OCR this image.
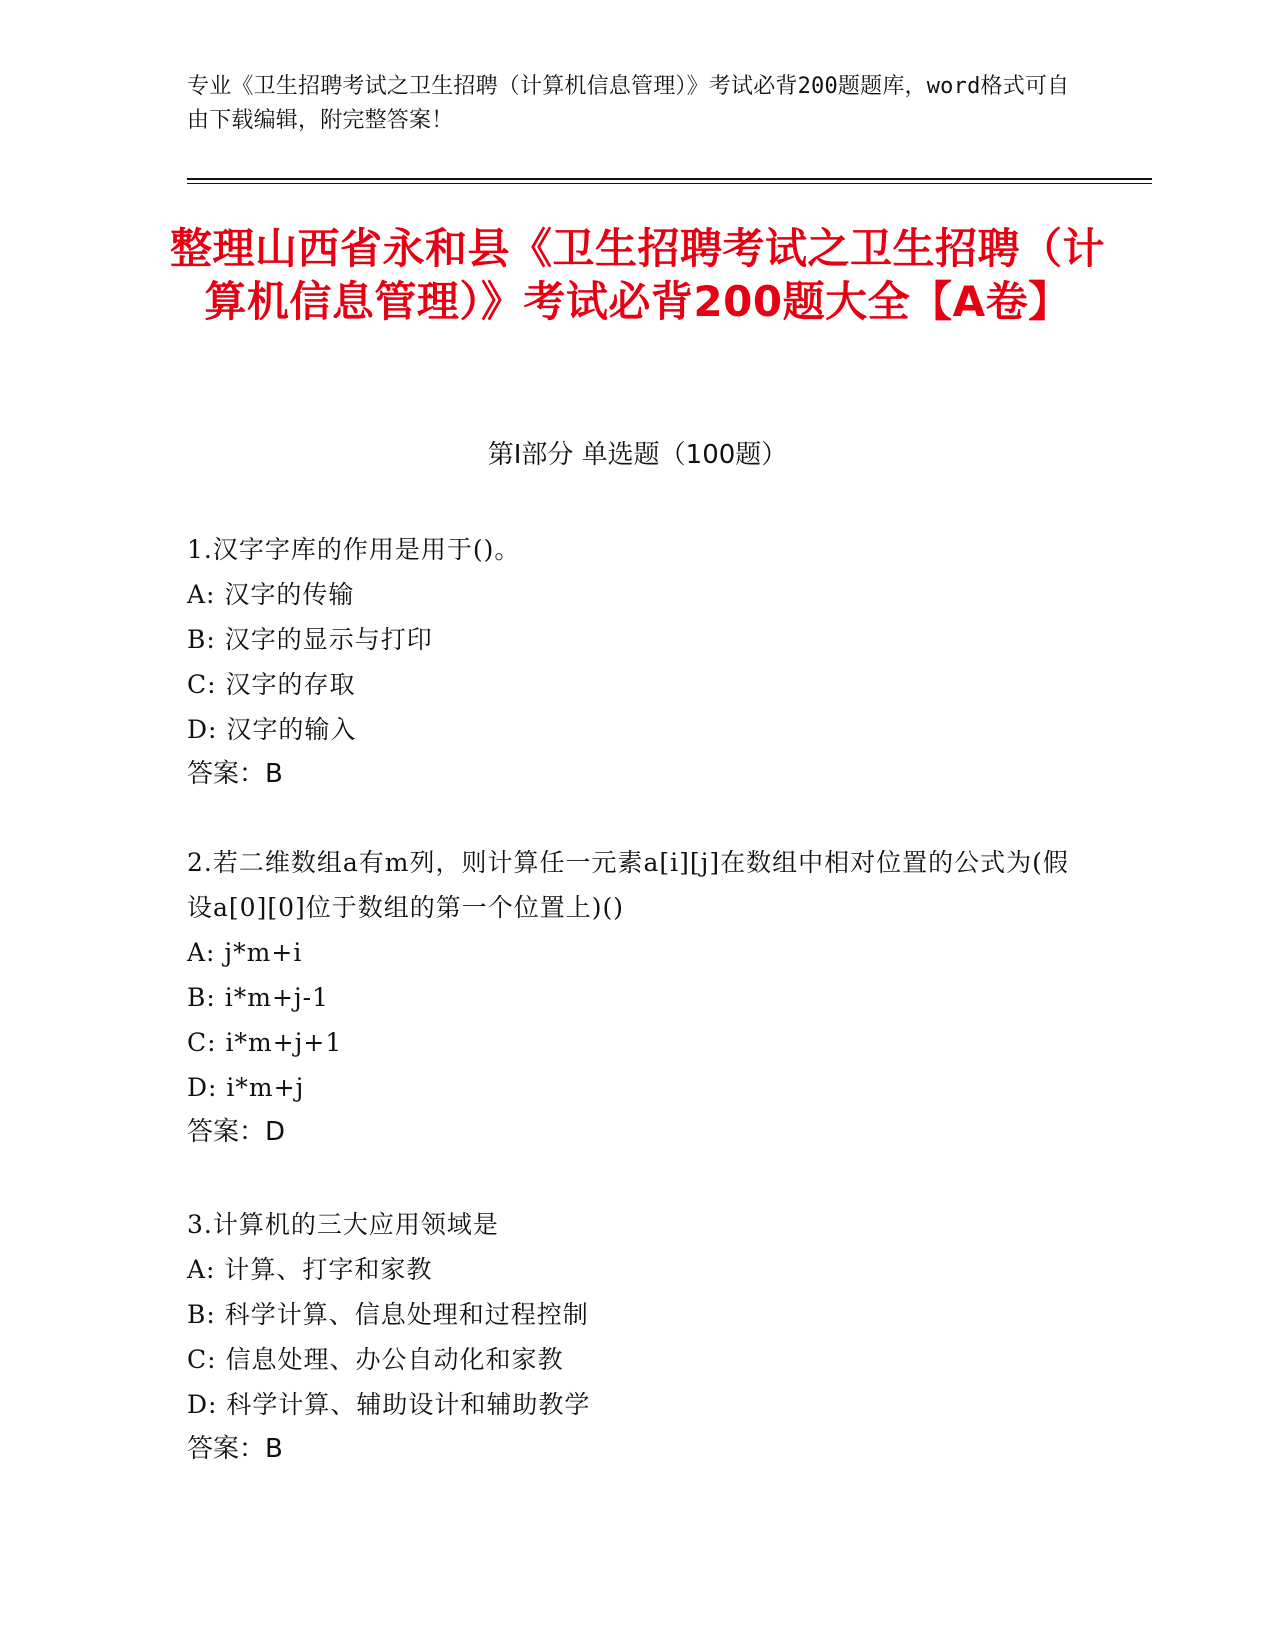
专业《卫生招聘考试之卫生招聘（计算机信息管理）》考试必背200题题库，word格式可自由下载编辑，附完整答案！
整理山西省永和县《卫生招聘考试之卫生招聘（计算机信息管理）》考试必背200题大全【A卷】
第Ⅰ部分 单选题（100题）

1.汉字字库的作用是用于()。

A: 汉字的传输

B: 汉字的显示与打印

C: 汉字的存取

D: 汉字的输入

答案：B

2.若二维数组a有m列，则计算任一元素a[i][j]在数组中相对位置的公式为(假设a[0][0]位于数组的第一个位置上)()

A: j*m+i

B: i*m+j-1

C: i*m+j+1

D: i*m+j

答案：D

3.计算机的三大应用领域是

A: 计算、打字和家教

B: 科学计算、信息处理和过程控制

C: 信息处理、办公自动化和家教

D: 科学计算、辅助设计和辅助教学

答案：B
